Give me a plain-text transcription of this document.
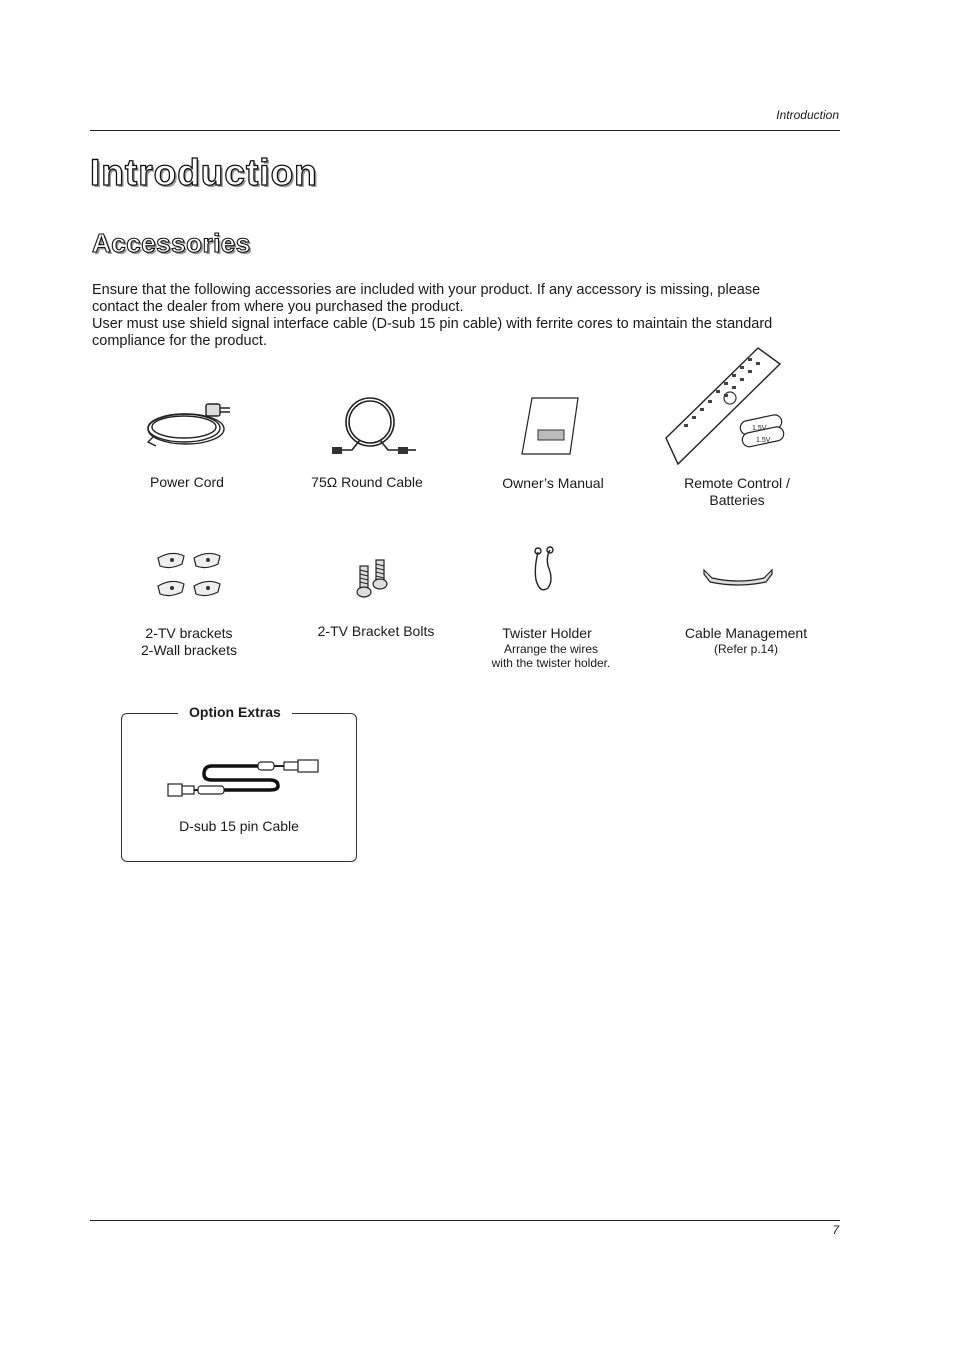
Introduction
Introduction
Accessories

Ensure that the following accessories are included with your product. If any accessory is missing, please contact the dealer from where you purchased the product.

User must use shield signal interface cable (D-sub 15 pin cable) with ferrite cores to maintain the standard compliance for the product.

1.5V
1.5V
Power Cord	75Ω Round Cable	Owner’s Manual	Remote Control /
Batteries
2-TV brackets
2-Wall brackets
2-TV Bracket Bolts	Twister Holder
Arrange the wires
with the twister holder.
Cable Management
(Refer p.14)
Option Extras
D-sub 15 pin Cable
7
